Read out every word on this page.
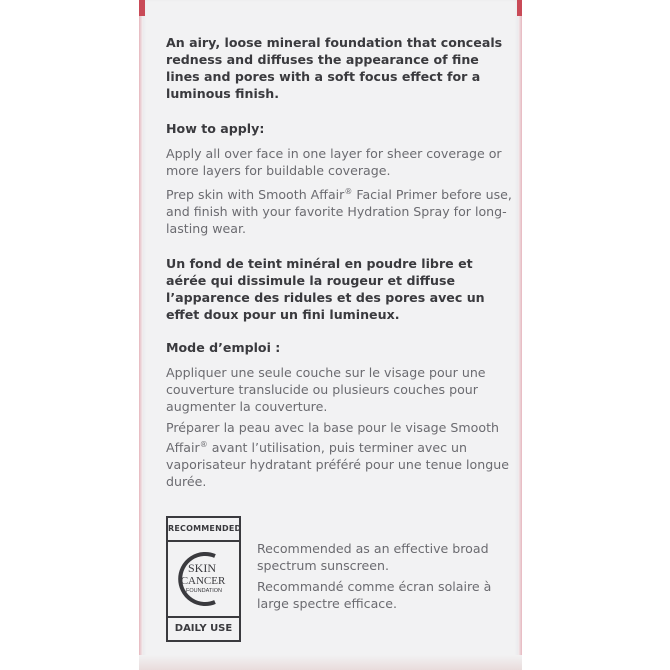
An airy, loose mineral foundation that conceals redness and diffuses the appearance of fine lines and pores with a soft focus effect for a luminous finish.

How to apply:

Apply all over face in one layer for sheer coverage or more layers for buildable coverage.

Prep skin with Smooth Affair® Facial Primer before use, and finish with your favorite Hydration Spray for long-lasting wear.

Un fond de teint minéral en poudre libre et aérée qui dissimule la rougeur et diffuse l’apparence des ridules et des pores avec un effet doux pour un fini lumineux.

Mode d’emploi :

Appliquer une seule couche sur le visage pour une couverture translucide ou plusieurs couches pour augmenter la couverture.

Préparer la peau avec la base pour le visage Smooth Affair® avant l’utilisation, puis terminer avec un vaporisateur hydratant préféré pour une tenue longue durée.

RECOMMENDED
SKIN
CANCER
FOUNDATION
DAILY USE

Recommended as an effective broad spectrum sunscreen.

Recommandé comme écran solaire à large spectre efficace.
